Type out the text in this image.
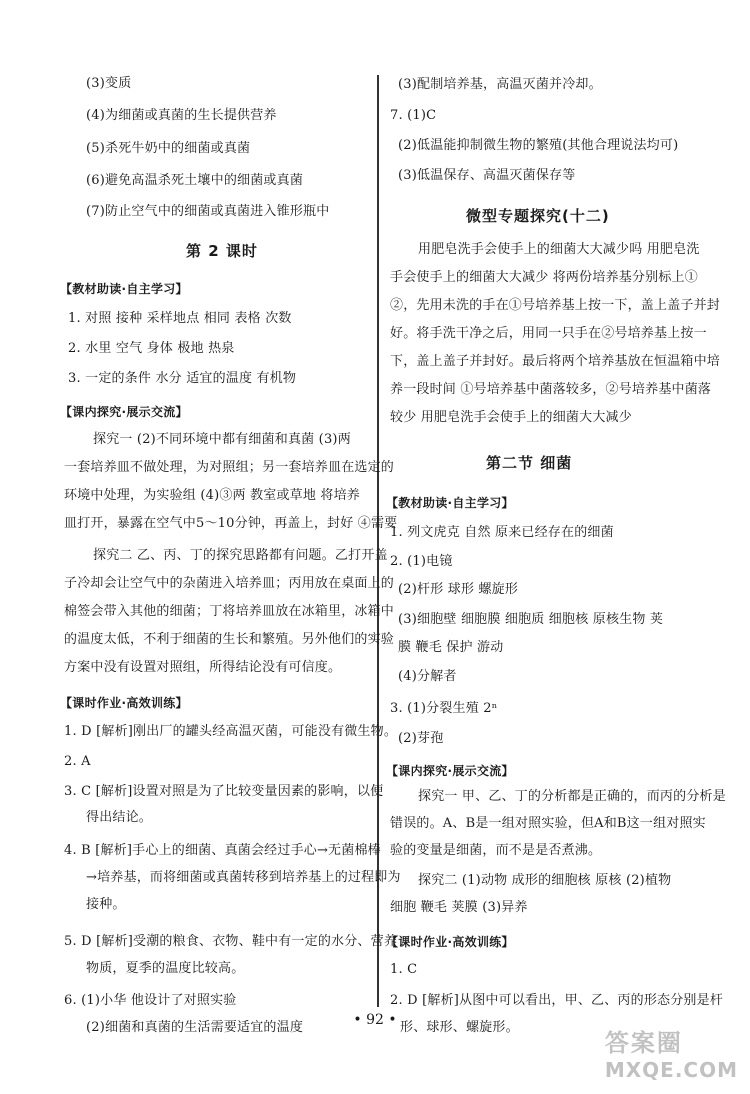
(3)变质
(4)为细菌或真菌的生长提供营养
(5)杀死牛奶中的细菌或真菌
(6)避免高温杀死土壤中的细菌或真菌
(7)防止空气中的细菌或真菌进入锥形瓶中
第 2 课时
【教材助读·自主学习】
1. 对照 接种 采样地点 相同 表格 次数
2. 水里 空气 身体 极地 热泉
3. 一定的条件 水分 适宜的温度 有机物
【课内探究·展示交流】
探究一 (2)不同环境中都有细菌和真菌 (3)两
一套培养皿不做处理，为对照组；另一套培养皿在选定的
环境中处理，为实验组 (4)③两 教室或草地 将培养
皿打开，暴露在空气中5～10分钟，再盖上，封好 ④需要
探究二 乙、丙、丁的探究思路都有问题。乙打开盖
子冷却会让空气中的杂菌进入培养皿；丙用放在桌面上的
棉签会带入其他的细菌；丁将培养皿放在冰箱里，冰箱中
的温度太低，不利于细菌的生长和繁殖。另外他们的实验
方案中没有设置对照组，所得结论没有可信度。
【课时作业·高效训练】
1. D [解析]刚出厂的罐头经高温灭菌，可能没有微生物。
2. A
3. C [解析]设置对照是为了比较变量因素的影响，以便
得出结论。
4. B [解析]手心上的细菌、真菌会经过手心→无菌棉棒
→培养基，而将细菌或真菌转移到培养基上的过程即为
接种。
5. D [解析]受潮的粮食、衣物、鞋中有一定的水分、营养
物质，夏季的温度比较高。
6. (1)小华 他设计了对照实验
(2)细菌和真菌的生活需要适宜的温度
(3)配制培养基，高温灭菌并冷却。
7. (1)C
(2)低温能抑制微生物的繁殖(其他合理说法均可)
(3)低温保存、高温灭菌保存等
微型专题探究(十二)
用肥皂洗手会使手上的细菌大大减少吗 用肥皂洗
手会使手上的细菌大大减少 将两份培养基分别标上①
②，先用未洗的手在①号培养基上按一下，盖上盖子并封
好。将手洗干净之后，用同一只手在②号培养基上按一
下，盖上盖子并封好。最后将两个培养基放在恒温箱中培
养一段时间 ①号培养基中菌落较多，②号培养基中菌落
较少 用肥皂洗手会使手上的细菌大大减少
第二节 细菌
【教材助读·自主学习】
1. 列文虎克 自然 原来已经存在的细菌
2. (1)电镜
(2)杆形 球形 螺旋形
(3)细胞壁 细胞膜 细胞质 细胞核 原核生物 荚
膜 鞭毛 保护 游动
(4)分解者
3. (1)分裂生殖 2ⁿ
(2)芽孢
【课内探究·展示交流】
探究一 甲、乙、丁的分析都是正确的，而丙的分析是
错误的。A、B是一组对照实验，但A和B这一组对照实
验的变量是细菌，而不是是否煮沸。
探究二 (1)动物 成形的细胞核 原核 (2)植物
细胞 鞭毛 荚膜 (3)异养
【课时作业·高效训练】
1. C
2. D [解析]从图中可以看出，甲、乙、丙的形态分别是杆
形、球形、螺旋形。
• 92 •
答案圈
MXQE.COM
